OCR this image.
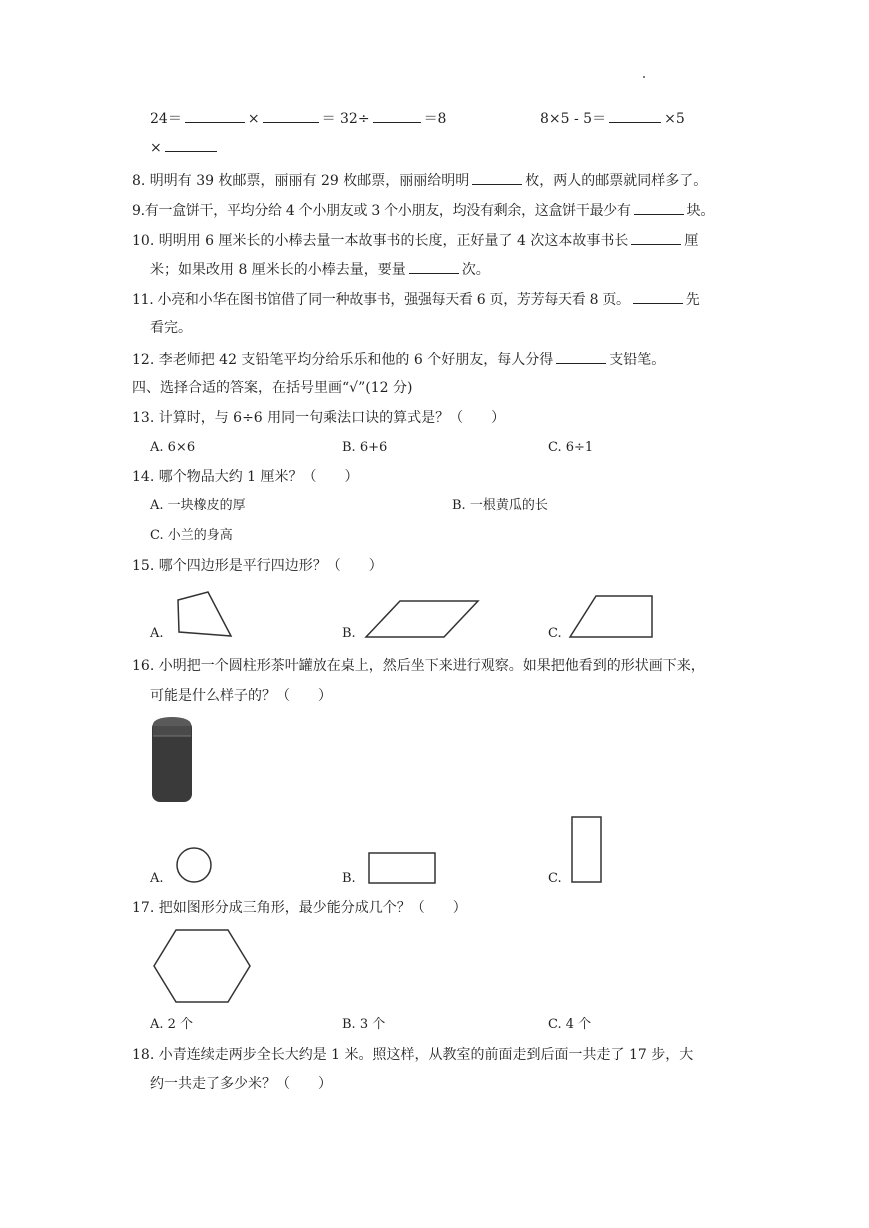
24＝	×	＝ 32÷	＝8	8×5 - 5＝	×5
×
8. 明明有 39 枚邮票，丽丽有 29 枚邮票，丽丽给明明	枚，两人的邮票就同样多了。
9.有一盒饼干，平均分给 4 个小朋友或 3 个小朋友，均没有剩余，这盒饼干最少有	块。
10. 明明用 6 厘米长的小棒去量一本故事书的长度，正好量了 4 次这本故事书长	厘
米；如果改用 8 厘米长的小棒去量，要量	次。
11. 小亮和小华在图书馆借了同一种故事书，强强每天看 6 页，芳芳每天看 8 页。	先
看完。
12. 李老师把 42 支铅笔平均分给乐乐和他的 6 个好朋友，每人分得	支铅笔。
四、选择合适的答案，在括号里画“√”(12 分)
13. 计算时，与 6÷6 用同一句乘法口诀的算式是？（　　）
A. 6×6	B. 6+6	C. 6÷1
14. 哪个物品大约 1 厘米？（　　）
A. 一块橡皮的厚	B. 一根黄瓜的长
C. 小兰的身高
15. 哪个四边形是平行四边形？（　　）
A.	B.	C.
16. 小明把一个圆柱形茶叶罐放在桌上，然后坐下来进行观察。如果把他看到的形状画下来，
可能是什么样子的？（　　）
A.	B.	C.
17. 把如图形分成三角形，最少能分成几个？（　　）
A. 2 个	B. 3 个	C. 4 个
18. 小青连续走两步全长大约是 1 米。照这样，从教室的前面走到后面一共走了 17 步，大
约一共走了多少米？（　　）
